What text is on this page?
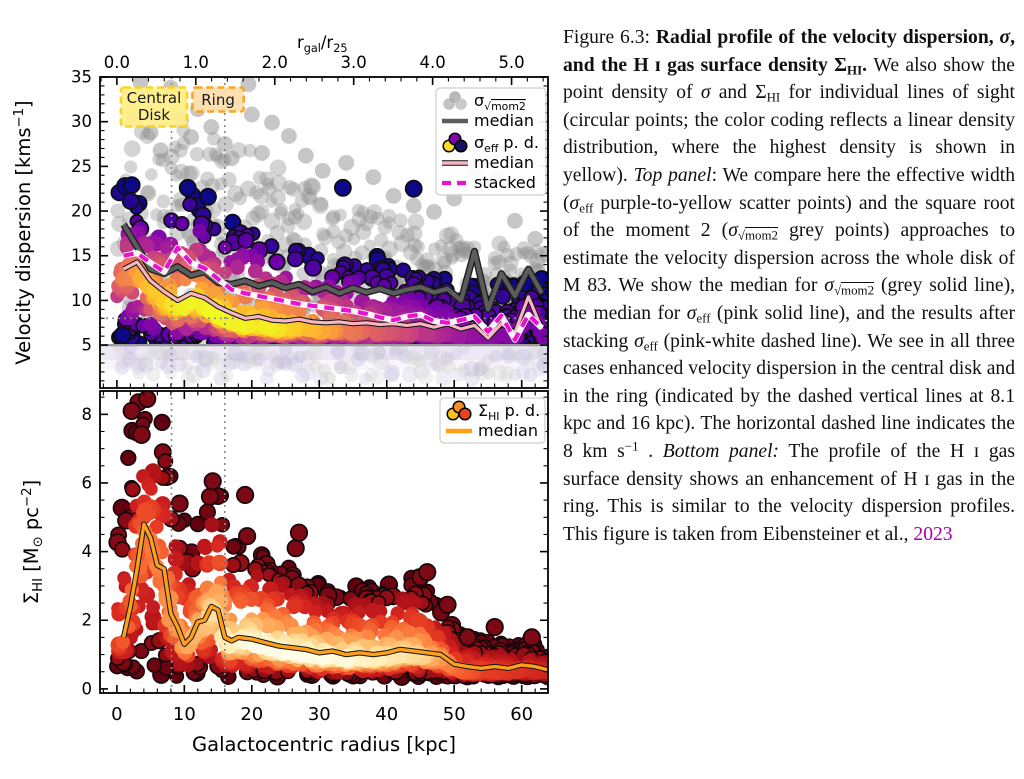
0.0	1.0	2.0	3.0	4.0	5.0
$r_{gal}/r_{25}$
5
10
15
20
25
30
35
0
2
4
6
8
0	10 20 30 40 50 60
Galactocentric radius [kpc]
Velocity dispersion [kms$^{-1}$]
$\Sigma_{HI}$ [$M_⊙$ $pc^{-2}$]
Central
Disk
Ring	$\sigma_√mom2$
median
$\sigma_{eff}$ p. d.
median
stacked
$\Sigma_{HI}$ p. d.
median
Figure 6.3: Radial profile of the velocity dispersion, σ, and the H ɪ gas surface density $\Sigma_{HI}$. We also show the point density of σ and $\Sigma_{HI}$ for individual lines of sight (circular points; the color coding reflects a linear density distribution, where the highest density is shown in yellow). Top panel: We compare here the effective width ($\sigma_{eff}$ purple-to-yellow scatter points) and the square root of the moment 2 ($\sigma_{√mom2}$ grey points) approaches to estimate the velocity dispersion across the whole disk of M 83. We show the median for $\sigma_{√mom2}$ (grey solid line), the median for $\sigma_{eff}$ (pink solid line), and the results after stacking $\sigma_{eff}$ (pink-white dashed line). We see in all three cases enhanced velocity dispersion in the central disk and in the ring (indicated by the dashed vertical lines at 8.1 kpc and 16 kpc). The horizontal dashed line indicates the 8 km $s^{-1}$ . Bottom panel: The profile of the H ɪ gas surface density shows an enhancement of H ɪ gas in the ring. This is similar to the velocity dispersion profiles. This figure is taken from Eibensteiner et al., 2023
